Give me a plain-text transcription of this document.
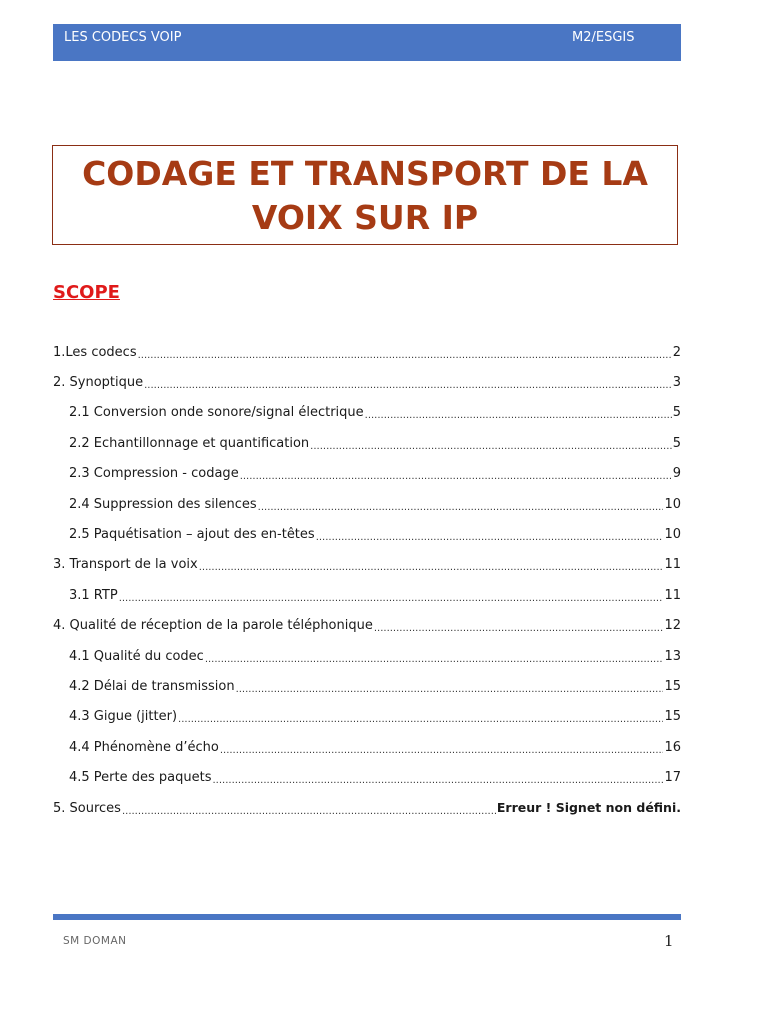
LES CODECS VOIP	M2/ESGIS
CODAGE ET TRANSPORT DE LA
VOIX SUR IP
SCOPE
1.Les codecs .....	2
2. Synoptique .....	3
2.1 Conversion onde sonore/signal électrique .....	5
2.2 Echantillonnage et quantification .....	5
2.3 Compression - codage .....	9
2.4 Suppression des silences .....	10
2.5 Paquétisation – ajout des en-têtes .....	10
3. Transport de la voix .....	11
3.1 RTP .....	11
4. Qualité de réception de la parole téléphonique .....	12
4.1 Qualité du codec .....	13
4.2 Délai de transmission .....	15
4.3 Gigue (jitter) .....	15
4.4 Phénomène d’écho .....	16
4.5 Perte des paquets .....	17
5. Sources .....	Erreur ! Signet non défini.
SM DOMAN	1
